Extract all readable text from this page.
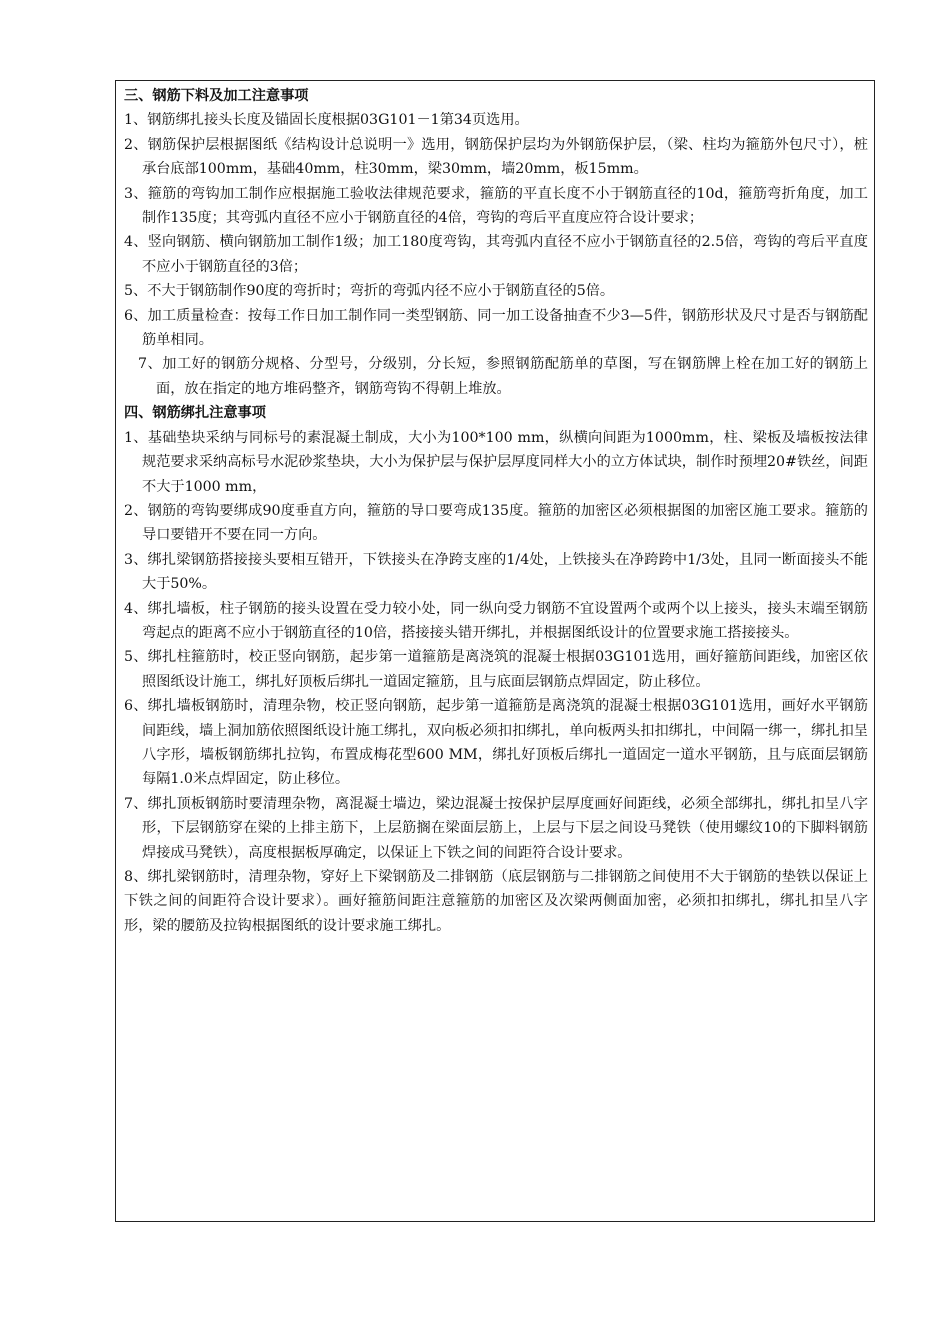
三、钢筋下料及加工注意事项

1、钢筋绑扎接头长度及锚固长度根据03G101－1第34页选用。

2、钢筋保护层根据图纸《结构设计总说明一》选用，钢筋保护层均为外钢筋保护层，（梁、柱均为箍筋外包尺寸），桩承台底部100mm，基础40mm，柱30mm，梁30mm，墙20mm，板15mm。

3、箍筋的弯钩加工制作应根据施工验收法律规范要求，箍筋的平直长度不小于钢筋直径的10d，箍筋弯折角度，加工制作135度；其弯弧内直径不应小于钢筋直径的4倍，弯钩的弯后平直度应符合设计要求；

4、竖向钢筋、横向钢筋加工制作1级；加工180度弯钩，其弯弧内直径不应小于钢筋直径的2.5倍，弯钩的弯后平直度不应小于钢筋直径的3倍；

5、不大于钢筋制作90度的弯折时；弯折的弯弧内径不应小于钢筋直径的5倍。

6、加工质量检查：按每工作日加工制作同一类型钢筋、同一加工设备抽查不少3—5件，钢筋形状及尺寸是否与钢筋配筋单相同。

7、加工好的钢筋分规格、分型号，分级别，分长短，参照钢筋配筋单的草图，写在钢筋牌上栓在加工好的钢筋上面，放在指定的地方堆码整齐，钢筋弯钩不得朝上堆放。

四、钢筋绑扎注意事项

1、基础垫块采纳与同标号的素混凝土制成，大小为100*100 mm，纵横向间距为1000mm，柱、梁板及墙板按法律规范要求采纳高标号水泥砂浆垫块，大小为保护层与保护层厚度同样大小的立方体试块，制作时预埋20#铁丝，间距不大于1000 mm，

2、钢筋的弯钩要绑成90度垂直方向，箍筋的导口要弯成135度。箍筋的加密区必须根据图的加密区施工要求。箍筋的导口要错开不要在同一方向。

3、绑扎梁钢筋搭接接头要相互错开，下铁接头在净跨支座的1/4处，上铁接头在净跨跨中1/3处，且同一断面接头不能大于50%。

4、绑扎墙板，柱子钢筋的接头设置在受力较小处，同一纵向受力钢筋不宜设置两个或两个以上接头，接头末端至钢筋弯起点的距离不应小于钢筋直径的10倍，搭接接头错开绑扎，并根据图纸设计的位置要求施工搭接接头。

5、绑扎柱箍筋时，校正竖向钢筋，起步第一道箍筋是离浇筑的混凝士根据03G101选用，画好箍筋间距线，加密区依照图纸设计施工，绑扎好顶板后绑扎一道固定箍筋，且与底面层钢筋点焊固定，防止移位。

6、绑扎墙板钢筋时，清理杂物，校正竖向钢筋，起步第一道箍筋是离浇筑的混凝士根据03G101选用，画好水平钢筋间距线，墙上洞加筋依照图纸设计施工绑扎，双向板必须扣扣绑扎，单向板两头扣扣绑扎，中间隔一绑一，绑扎扣呈八字形，墙板钢筋绑扎拉钩，布置成梅花型600 MM，绑扎好顶板后绑扎一道固定一道水平钢筋，且与底面层钢筋每隔1.0米点焊固定，防止移位。

7、绑扎顶板钢筋时要清理杂物，离混凝士墙边，梁边混凝士按保护层厚度画好间距线，必须全部绑扎，绑扎扣呈八字形，下层钢筋穿在梁的上排主筋下，上层筋搁在梁面层筋上，上层与下层之间设马凳铁（使用螺纹10的下脚料钢筋焊接成马凳铁），高度根据板厚确定，以保证上下铁之间的间距符合设计要求。

8、绑扎梁钢筋时，清理杂物，穿好上下梁钢筋及二排钢筋（底层钢筋与二排钢筋之间使用不大于钢筋的垫铁以保证上下铁之间的间距符合设计要求）。画好箍筋间距注意箍筋的加密区及次梁两侧面加密，必须扣扣绑扎，绑扎扣呈八字形，梁的腰筋及拉钩根据图纸的设计要求施工绑扎。
